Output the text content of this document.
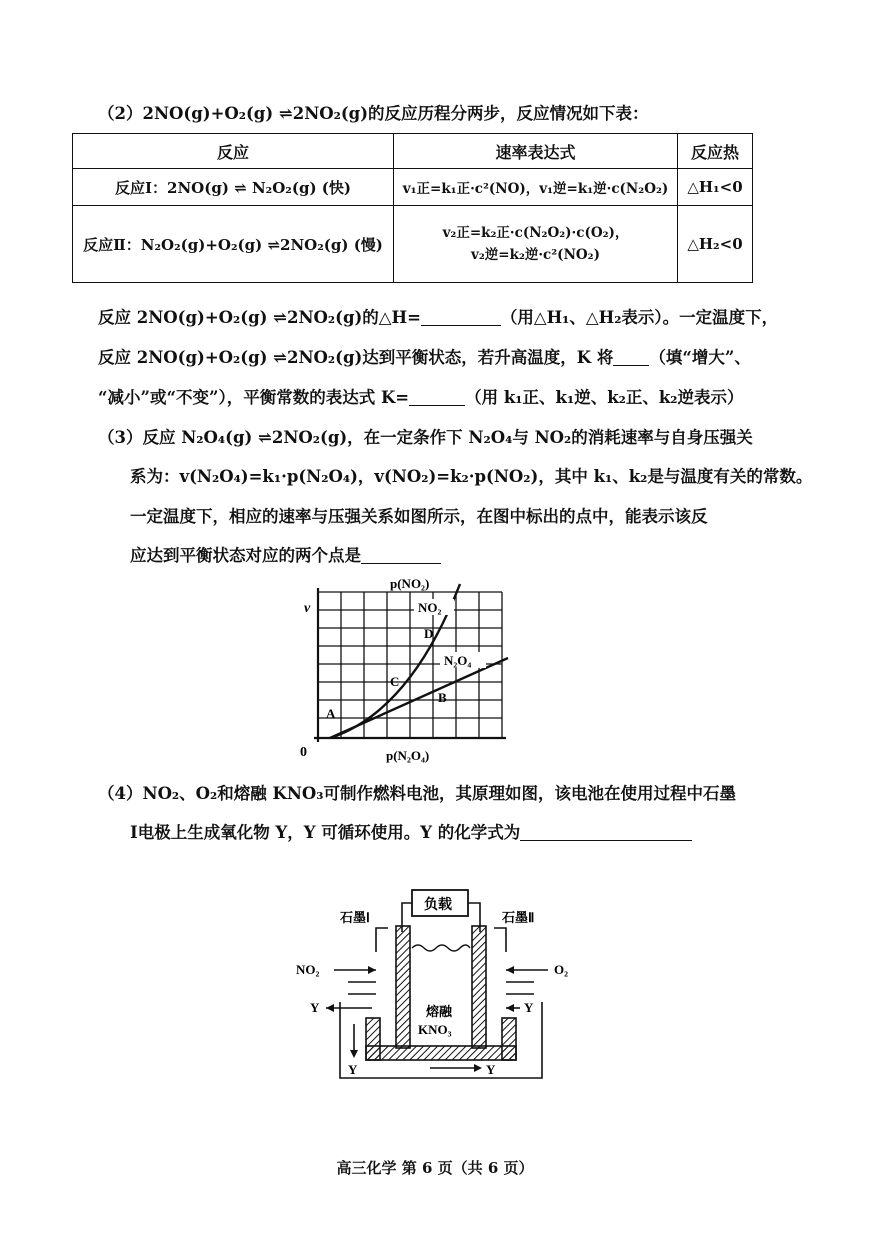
（2）2NO(g)+O₂(g) ⇌2NO₂(g)的反应历程分两步，反应情况如下表：
反应	速率表达式	反应热
反应Ⅰ：2NO(g) ⇌ N₂O₂(g) (快)	v₁正=k₁正·c²(NO)，v₁逆=k₁逆·c(N₂O₂)	△H₁<0
反应Ⅱ：N₂O₂(g)+O₂(g) ⇌2NO₂(g) (慢)	v₂正=k₂正·c(N₂O₂)·c(O₂)，
v₂逆=k₂逆·c²(NO₂)	△H₂<0
反应 2NO(g)+O₂(g) ⇌2NO₂(g)的△H=	（用△H₁、△H₂表示）。一定温度下，
反应 2NO(g)+O₂(g) ⇌2NO₂(g)达到平衡状态，若升高温度，K 将 （填“增大”、
“减小”或“不变”），平衡常数的表达式 K=	（用 k₁正、k₁逆、k₂正、k₂逆表示）
（3）反应 N₂O₄(g) ⇌2NO₂(g)，在一定条作下 N₂O₄与 NO₂的消耗速率与自身压强关
系为：v(N₂O₄)=k₁·p(N₂O₄)，v(NO₂)=k₂·p(NO₂)，其中 k₁、k₂是与温度有关的常数。
一定温度下，相应的速率与压强关系如图所示，在图中标出的点中，能表示该反
应达到平衡状态对应的两个点是
NO₂
N₂O₄
p(NO₂)
v
0	p(N₂O₄)
A
B
C
D
（4）NO₂、O₂和熔融 KNO₃可制作燃料电池，其原理如图，该电池在使用过程中石墨
Ⅰ电极上生成氧化物 Y，Y 可循环使用。Y 的化学式为
负载
石墨Ⅰ	石墨Ⅱ
NO₂	O₂
Y	Y
Y	Y
熔融
KNO₃
高三化学 第 6 页（共 6 页）
